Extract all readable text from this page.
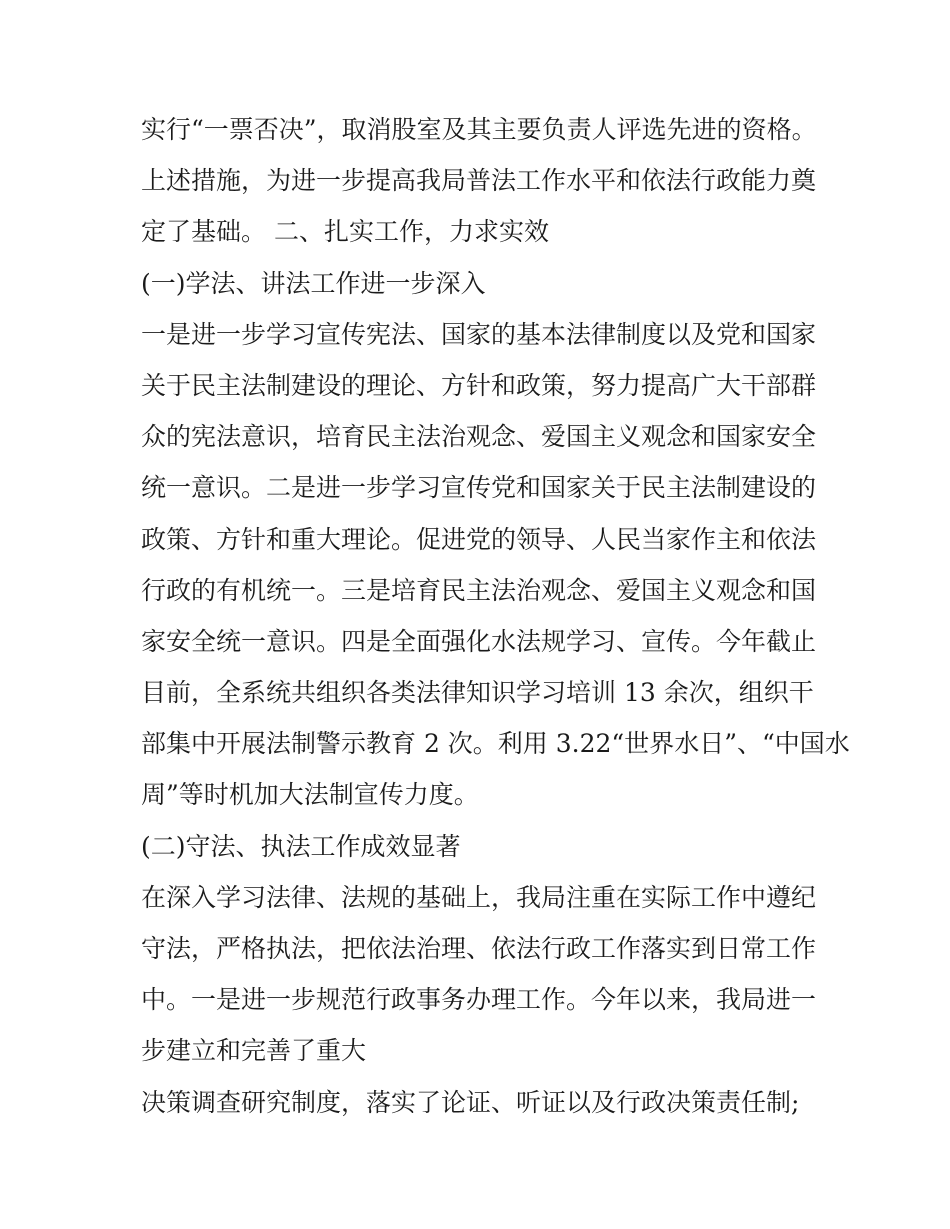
实行“一票否决”，取消股室及其主要负责人评选先进的资格。
上述措施，为进一步提高我局普法工作水平和依法行政能力奠
定了基础。 二、扎实工作，力求实效
(一)学法、讲法工作进一步深入
一是进一步学习宣传宪法、国家的基本法律制度以及党和国家
关于民主法制建设的理论、方针和政策，努力提高广大干部群
众的宪法意识，培育民主法治观念、爱国主义观念和国家安全
统一意识。二是进一步学习宣传党和国家关于民主法制建设的
政策、方针和重大理论。促进党的领导、人民当家作主和依法
行政的有机统一。三是培育民主法治观念、爱国主义观念和国
家安全统一意识。四是全面强化水法规学习、宣传。今年截止
目前，全系统共组织各类法律知识学习培训 13 余次，组织干
部集中开展法制警示教育 2 次。利用 3.22“世界水日”、“中国水
周”等时机加大法制宣传力度。
(二)守法、执法工作成效显著
在深入学习法律、法规的基础上，我局注重在实际工作中遵纪
守法，严格执法，把依法治理、依法行政工作落实到日常工作
中。一是进一步规范行政事务办理工作。今年以来，我局进一
步建立和完善了重大
决策调查研究制度，落实了论证、听证以及行政决策责任制;
